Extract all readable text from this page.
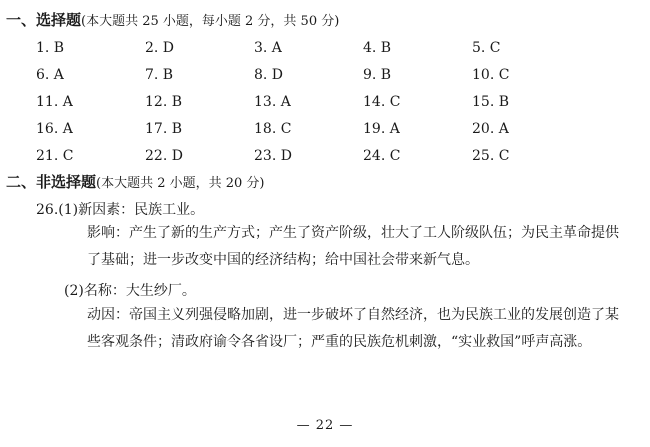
一、选择题(本大题共 25 小题，每小题 2 分，共 50 分)
1. B	2. D	3. A	4. B	5. C
6. A	7. B	8. D	9. B	10. C
11. A	12. B	13. A	14. C	15. B
16. A	17. B	18. C	19. A	20. A
21. C	22. D	23. D	24. C	25. C
二、非选择题(本大题共 2 小题，共 20 分)
26.(1)新因素：民族工业。
影响：产生了新的生产方式；产生了资产阶级，壮大了工人阶级队伍；为民主革命提供了基础；进一步改变中国的经济结构；给中国社会带来新气息。
(2)名称：大生纱厂。
动因：帝国主义列强侵略加剧，进一步破坏了自然经济，也为民族工业的发展创造了某些客观条件；清政府谕令各省设厂；严重的民族危机刺激，“实业救国”呼声高涨。
— 22 —
